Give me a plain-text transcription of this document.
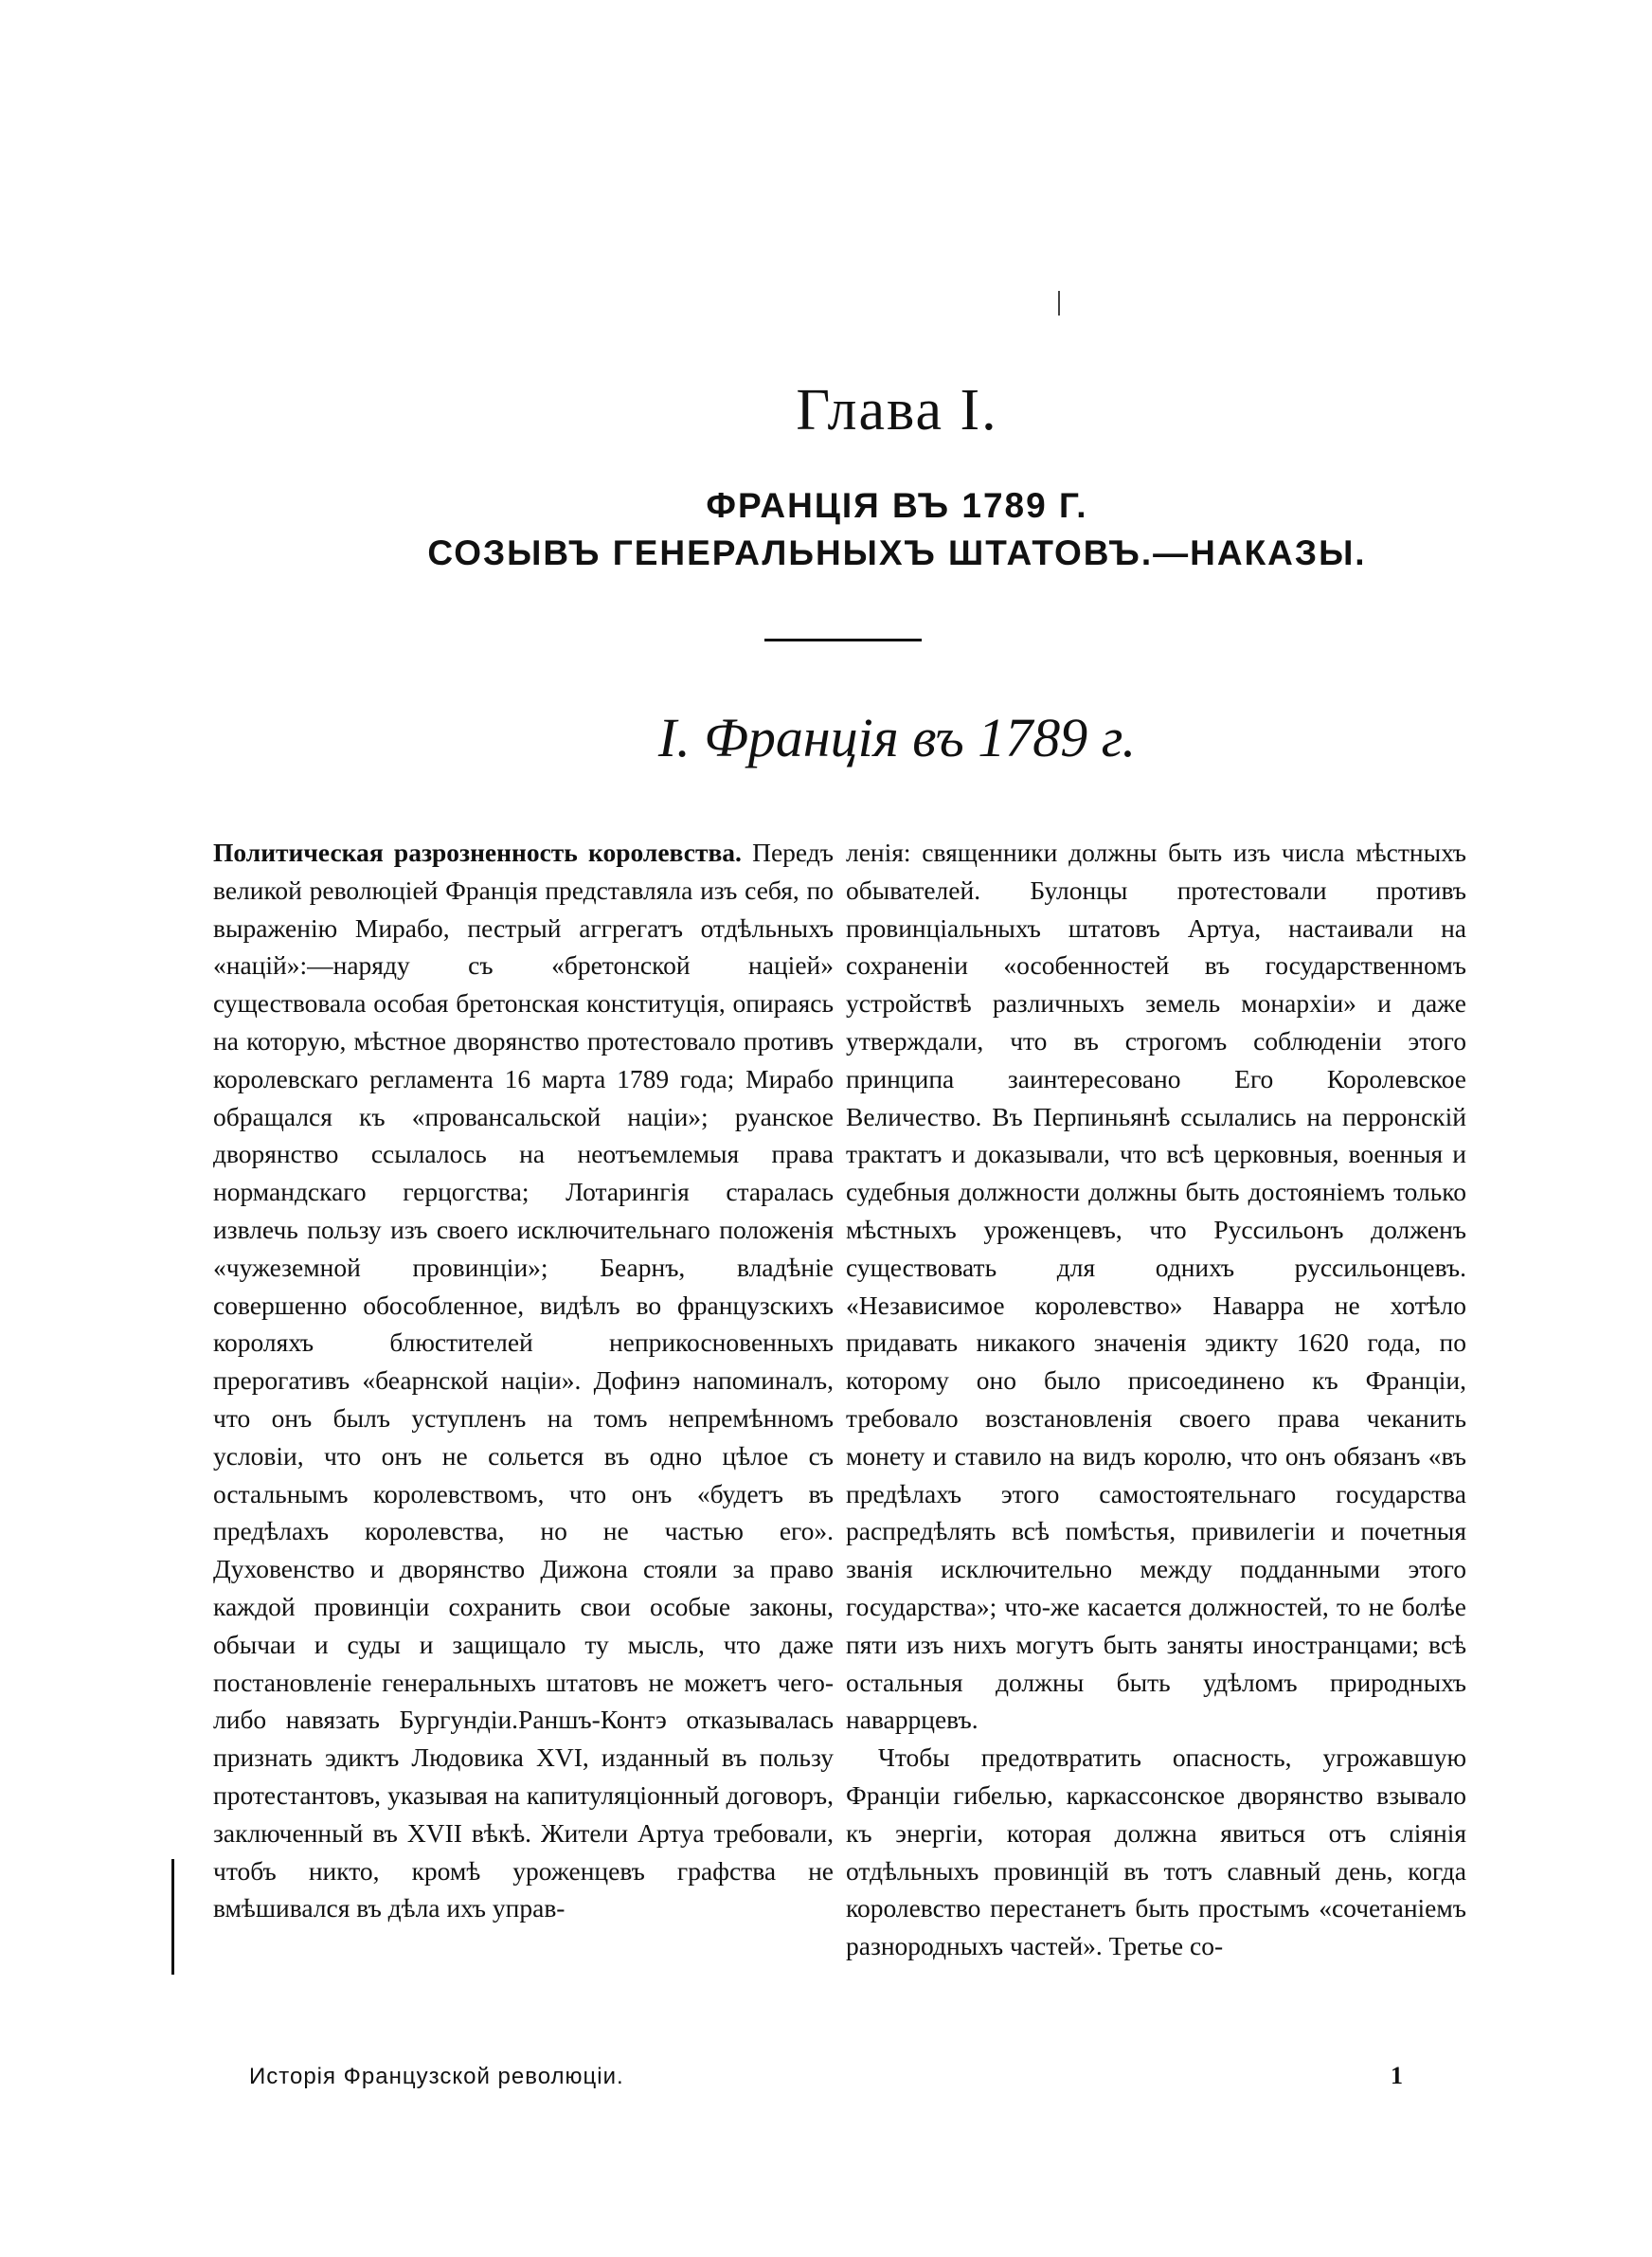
Глава I.
ФРАНЦІЯ ВЪ 1789 Г.
СОЗЫВЪ ГЕНЕРАЛЬНЫХЪ ШТАТОВЪ.—НАКАЗЫ.
I. Франція въ 1789 г.

Политическая разрозненность королевства. Передъ великой революціей Франція представляла изъ себя, по выраженію Мирабо, пестрый аггрегатъ отдѣльныхъ «націй»:—наряду съ «бретонской націей» существовала особая бретонская конституція, опираясь на которую, мѣстное дворянство протестовало противъ королевскаго регламента 16 марта 1789 года; Мирабо обращался къ «провансальской націи»; руанское дворянство ссылалось на неотъемлемыя права нормандскаго герцогства; Лотарингія старалась извлечь пользу изъ своего исключительнаго положенія «чужеземной провинціи»; Беарнъ, владѣніе совершенно обособленное, видѣлъ во французскихъ короляхъ блюстителей неприкосновенныхъ прерогативъ «беарнской націи». Дофинэ напоминалъ, что онъ былъ уступленъ на томъ непремѣнномъ условіи, что онъ не сольется въ одно цѣлое съ остальнымъ королевствомъ, что онъ «будетъ въ предѣлахъ королевства, но не частью его». Духовенство и дворянство Дижона стояли за право каждой провинціи сохранить свои особые законы, обычаи и суды и защищало ту мысль, что даже постановленіе генеральныхъ штатовъ не можетъ чего-либо навязать Бургундіи.Раншъ-Контэ отказывалась признать эдиктъ Людовика XVI, изданный въ пользу протестантовъ, указывая на капитуляціонный договоръ, заключенный въ XVII вѣкѣ. Жители Артуа требовали, чтобъ никто, кромѣ уроженцевъ графства не вмѣшивался въ дѣла ихъ управ-

ленія: священники должны быть изъ числа мѣстныхъ обывателей. Булонцы протестовали противъ провинціальныхъ штатовъ Артуа, настаивали на сохраненіи «особенностей въ государственномъ устройствѣ различныхъ земель монархіи» и даже утверждали, что въ строгомъ соблюденіи этого принципа заинтересовано Его Королевское Величество. Въ Перпиньянѣ ссылались на перронскій трактатъ и доказывали, что всѣ церковныя, военныя и судебныя должности должны быть достояніемъ только мѣстныхъ уроженцевъ, что Руссильонъ долженъ существовать для однихъ руссильонцевъ. «Независимое королевство» Наварра не хотѣло придавать никакого значенія эдикту 1620 года, по которому оно было присоединено къ Франціи, требовало возстановленія своего права чеканить монету и ставило на видъ королю, что онъ обязанъ «въ предѣлахъ этого самостоятельнаго государства распредѣлять всѣ помѣстья, привилегіи и почетныя званія исключительно между подданными этого государства»; что-же касается должностей, то не болѣе пяти изъ нихъ могутъ быть заняты иностранцами; всѣ остальныя должны быть удѣломъ природныхъ наваррцевъ.

Чтобы предотвратить опасность, угрожавшую Франціи гибелью, каркассонское дворянство взывало къ энергіи, которая должна явиться отъ сліянія отдѣльныхъ провинцій въ тотъ славный день, когда королевство перестанетъ быть простымъ «сочетаніемъ разнородныхъ частей». Третье со-

Исторія Французской революціи.	1
